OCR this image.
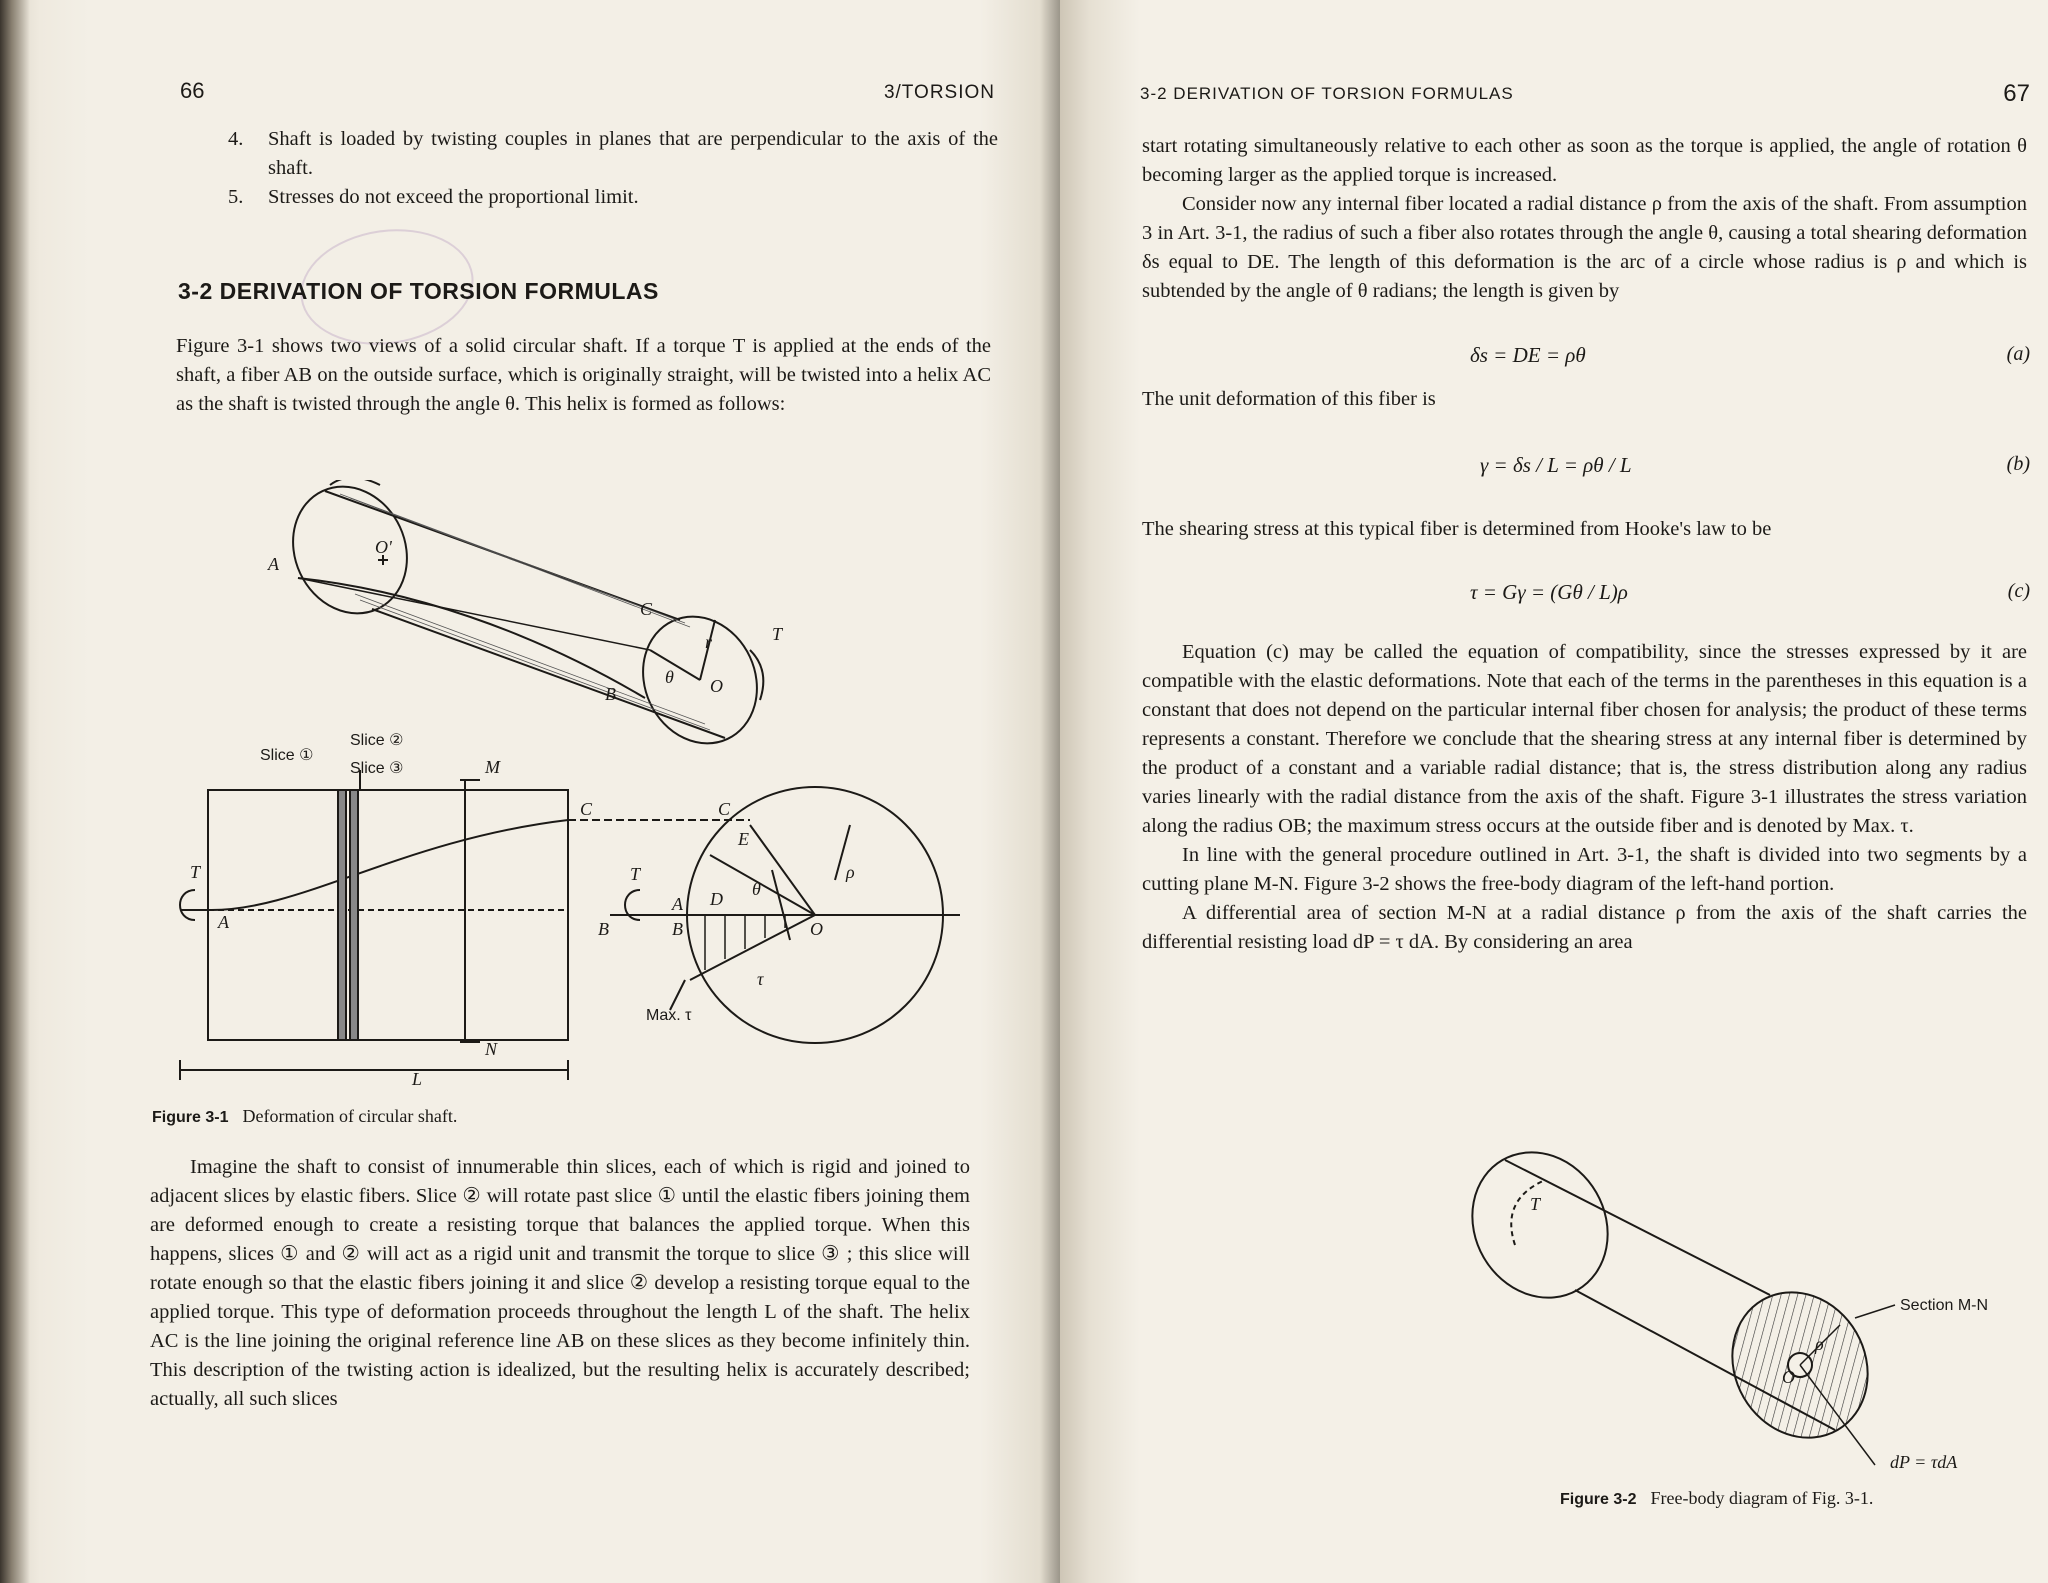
66	3/TORSION

4. Shaft is loaded by twisting couples in planes that are perpendicular to the axis of the shaft.

5. Stresses do not exceed the proportional limit.

3-2 DERIVATION OF TORSION FORMULAS

Figure 3-1 shows two views of a solid circular shaft. If a torque T is applied at the ends of the shaft, a fiber AB on the outside surface, which is originally straight, will be twisted into a helix AC as the shaft is twisted through the angle θ. This helix is formed as follows:

A
O'
C
r
B
θ O
T
Slice ①
Slice ②
Slice ③	M
N
C	C
T
A
L
T
B
A
B
D
E
θ
ρ
O
τ
Max. τ
Figure 3-1 Deformation of circular shaft.

Imagine the shaft to consist of innumerable thin slices, each of which is rigid and joined to adjacent slices by elastic fibers. Slice ② will rotate past slice ① until the elastic fibers joining them are deformed enough to create a resisting torque that balances the applied torque. When this happens, slices ① and ② will act as a rigid unit and transmit the torque to slice ③ ; this slice will rotate enough so that the elastic fibers joining it and slice ② develop a resisting torque equal to the applied torque. This type of deformation proceeds throughout the length L of the shaft. The helix AC is the line joining the original reference line AB on these slices as they become infinitely thin. This description of the twisting action is idealized, but the resulting helix is accurately described; actually, all such slices

3-2 DERIVATION OF TORSION FORMULAS	67

start rotating simultaneously relative to each other as soon as the torque is applied, the angle of rotation θ becoming larger as the applied torque is increased.

Consider now any internal fiber located a radial distance ρ from the axis of the shaft. From assumption 3 in Art. 3-1, the radius of such a fiber also rotates through the angle θ, causing a total shearing deformation δs equal to DE. The length of this deformation is the arc of a circle whose radius is ρ and which is subtended by the angle of θ radians; the length is given by

δs = DE = ρθ	(a)

The unit deformation of this fiber is

γ = δs / L = ρθ / L	(b)

The shearing stress at this typical fiber is determined from Hooke's law to be

τ = Gγ = (Gθ / L)ρ	(c)

Equation (c) may be called the equation of compatibility, since the stresses expressed by it are compatible with the elastic deformations. Note that each of the terms in the parentheses in this equation is a constant that does not depend on the particular internal fiber chosen for analysis; the product of these terms represents a constant. Therefore we conclude that the shearing stress at any internal fiber is determined by the product of a constant and a variable radial distance; that is, the stress distribution along any radius varies linearly with the radial distance from the axis of the shaft. Figure 3-1 illustrates the stress variation along the radius OB; the maximum stress occurs at the outside fiber and is denoted by Max. τ.

In line with the general procedure outlined in Art. 3-1, the shaft is divided into two segments by a cutting plane M-N. Figure 3-2 shows the free-body diagram of the left-hand portion.

A differential area of section M-N at a radial distance ρ from the axis of the shaft carries the differential resisting load dP = τ dA. By considering an area

T
O
ρ
Section M-N
dP = τdA
Figure 3-2 Free-body diagram of Fig. 3-1.
